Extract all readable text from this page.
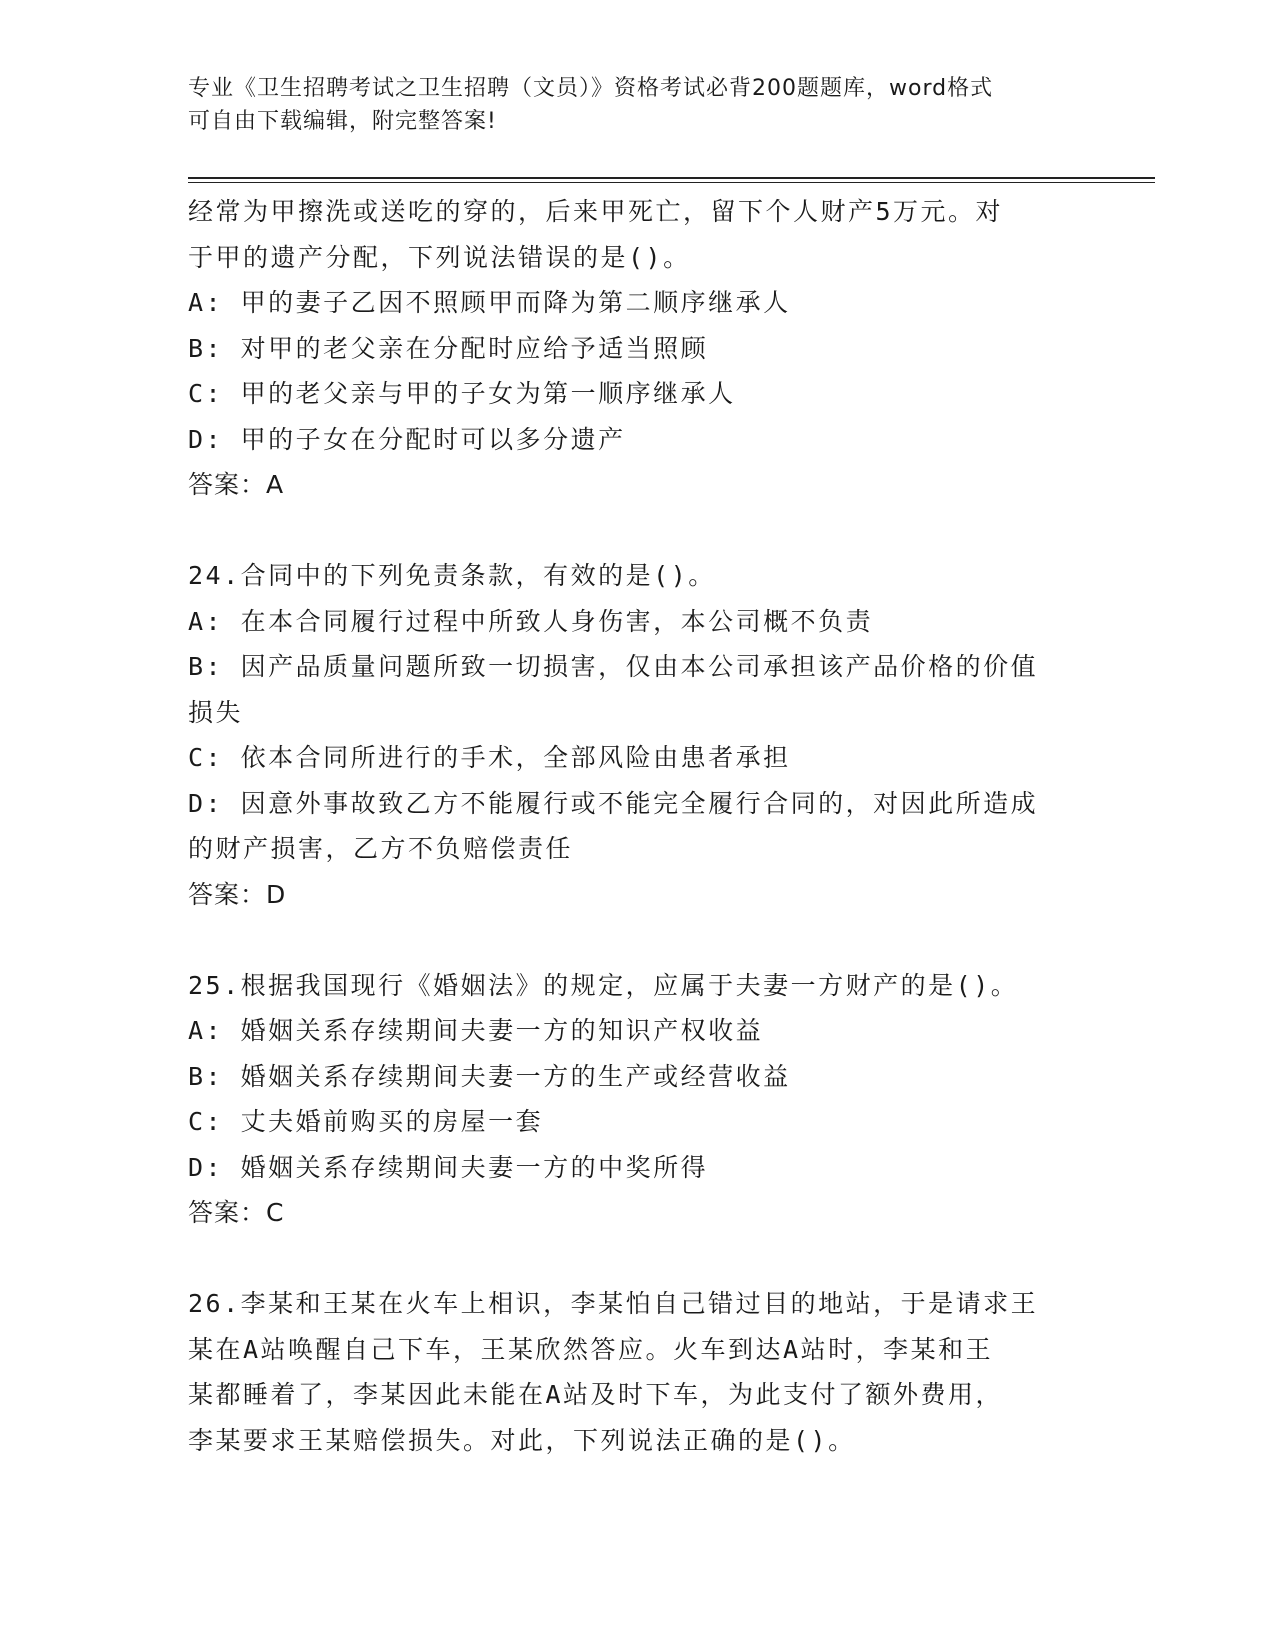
专业《卫生招聘考试之卫生招聘（文员）》资格考试必背200题题库，word格式
可自由下载编辑，附完整答案!
经常为甲擦洗或送吃的穿的，后来甲死亡，留下个人财产5万元。对
于甲的遗产分配，下列说法错误的是()。
A: 甲的妻子乙因不照顾甲而降为第二顺序继承人
B: 对甲的老父亲在分配时应给予适当照顾
C: 甲的老父亲与甲的子女为第一顺序继承人
D: 甲的子女在分配时可以多分遗产
答案：A
24.合同中的下列免责条款，有效的是()。
A: 在本合同履行过程中所致人身伤害，本公司概不负责
B: 因产品质量问题所致一切损害，仅由本公司承担该产品价格的价值
损失
C: 依本合同所进行的手术，全部风险由患者承担
D: 因意外事故致乙方不能履行或不能完全履行合同的，对因此所造成
的财产损害，乙方不负赔偿责任
答案：D
25.根据我国现行《婚姻法》的规定，应属于夫妻一方财产的是()。
A: 婚姻关系存续期间夫妻一方的知识产权收益
B: 婚姻关系存续期间夫妻一方的生产或经营收益
C: 丈夫婚前购买的房屋一套
D: 婚姻关系存续期间夫妻一方的中奖所得
答案：C
26.李某和王某在火车上相识，李某怕自己错过目的地站，于是请求王
某在A站唤醒自己下车，王某欣然答应。火车到达A站时，李某和王
某都睡着了，李某因此未能在A站及时下车，为此支付了额外费用，
李某要求王某赔偿损失。对此，下列说法正确的是()。
